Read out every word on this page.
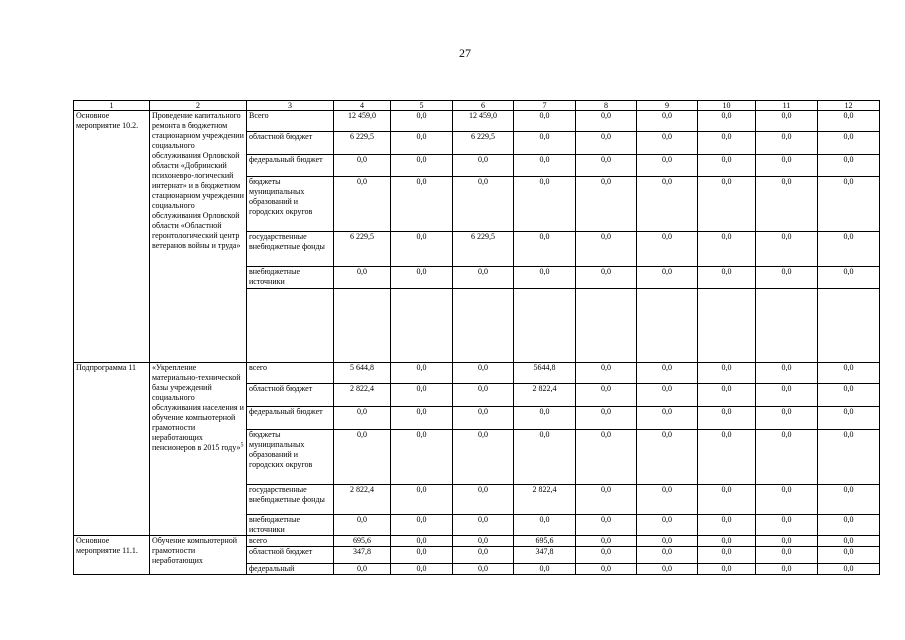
27
1	2	3	4	5	6	7	8	9	10	11	12
Основное мероприятие 10.2.	Проведение капитального ремонта в бюджетном стационарном учреждении социального обслуживания Орловской области «Добринский психоневро-логический интернат» и в бюджетном стационарном учреждении социального обслуживания Орловской области «Областной геронтологический центр ветеранов войны и труда»	Всего	12 459,0	0,0	12 459,0	0,0	0,0	0,0	0,0	0,0	0,0
		областной бюджет	6 229,5	0,0	6 229,5	0,0	0,0	0,0	0,0	0,0	0,0
		федеральный бюджет	0,0	0,0	0,0	0,0	0,0	0,0	0,0	0,0	0,0
		бюджеты муниципальных образований и городских округов	0,0	0,0	0,0	0,0	0,0	0,0	0,0	0,0	0,0
		государственные внебюджетные фонды	6 229,5	0,0	6 229,5	0,0	0,0	0,0	0,0	0,0	0,0
		внебюджетные источники	0,0	0,0	0,0	0,0	0,0	0,0	0,0	0,0	0,0

Подпрограмма 11	«Укрепление материально-технической базы учреждений социального обслуживания населения и обучение компьютерной грамотности неработающих пенсионеров в 2015 году»$^5$	всего	5 644,8	0,0	0,0	5644,8	0,0	0,0	0,0	0,0	0,0
		областной бюджет	2 822,4	0,0	0,0	2 822,4	0,0	0,0	0,0	0,0	0,0
		федеральный бюджет	0,0	0,0	0,0	0,0	0,0	0,0	0,0	0,0	0,0
		бюджеты муниципальных образований и городских округов	0,0	0,0	0,0	0,0	0,0	0,0	0,0	0,0	0,0
		государственные внебюджетные фонды	2 822,4	0,0	0,0	2 822,4	0,0	0,0	0,0	0,0	0,0
		внебюджетные источники	0,0	0,0	0,0	0,0	0,0	0,0	0,0	0,0	0,0
Основное мероприятие 11.1.	Обучение компьютерной грамотности неработающих	всего	695,6	0,0	0,0	695,6	0,0	0,0	0,0	0,0	0,0
		областной бюджет	347,8	0,0	0,0	347,8	0,0	0,0	0,0	0,0	0,0
		федеральный	0,0	0,0	0,0	0,0	0,0	0,0	0,0	0,0	0,0
